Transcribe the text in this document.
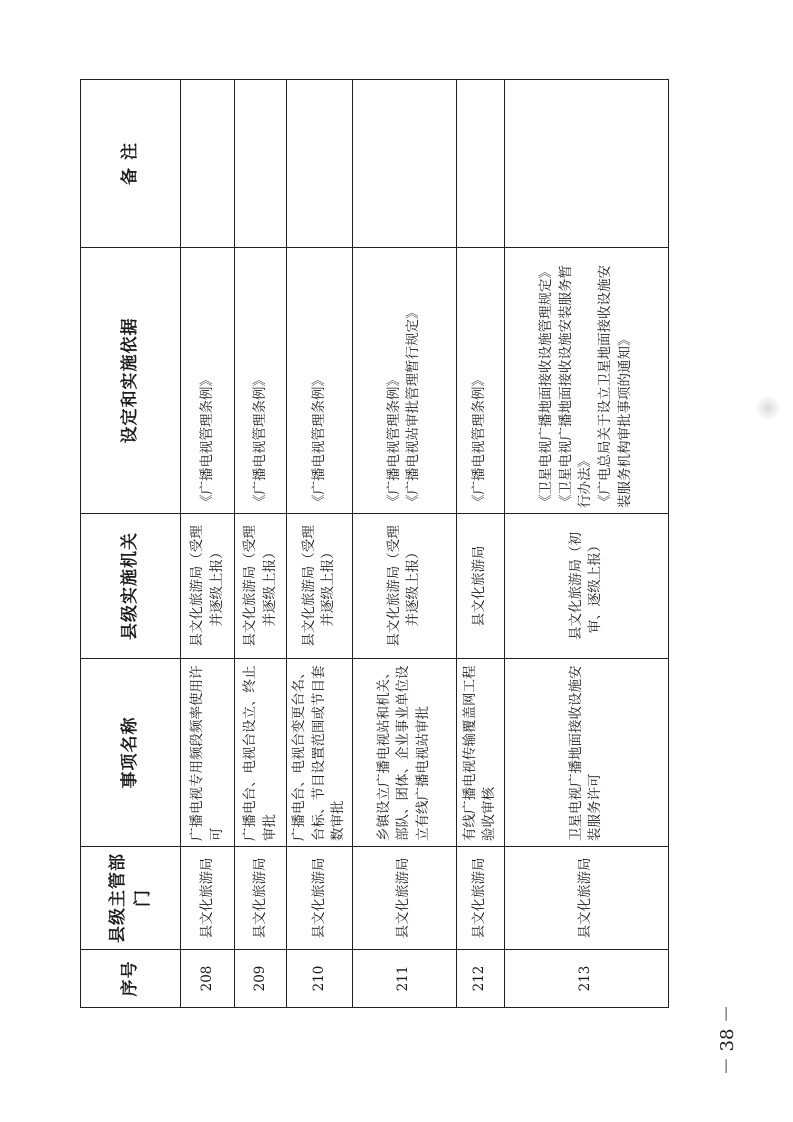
序号	县级主管部门	事项名称	县级实施机关	设定和实施依据	备 注
208	县文化旅游局	广播电视专用频段频率使用许可	县文化旅游局（受理并逐级上报）	《广播电视管理条例》	

209	县文化旅游局	广播电台、电视台设立、终止审批	县文化旅游局（受理并逐级上报）	《广播电视管理条例》	

210	县文化旅游局	广播电台、电视台变更台名、台标、节目设置范围或节目套数审批	县文化旅游局（受理并逐级上报）	《广播电视管理条例》	

211	县文化旅游局	乡镇设立广播电视站和机关、部队、团体、企业事业单位设立有线广播电视站审批	县文化旅游局（受理并逐级上报）	《广播电视管理条例》 《广播电视站审批管理暂行规定》	

212	县文化旅游局	有线广播电视传输覆盖网工程验收审核	县文化旅游局	《广播电视管理条例》	

213	县文化旅游局	卫星电视广播地面接收设施安装服务许可	县文化旅游局（初审、逐级上报）	《卫星电视广播地面接收设施管理规定》 《卫星电视广播地面接收设施安装服务暂行办法》 《广电总局关于设立卫星地面接收设施安装服务机构审批事项的通知》	

－ 38 －
